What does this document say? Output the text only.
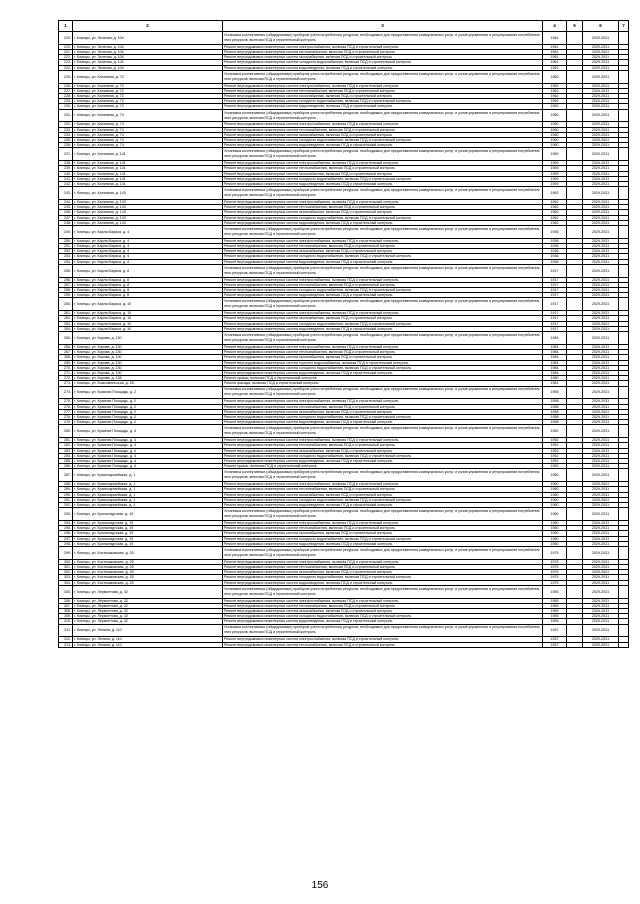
1	2	3	4	5	6	7
219.	г. Клинцы, ул. Зеленая, д. 104	Установка коллективных (общедомовых) приборов учета потребления ресурсов, необходимых для предоставления коммунальных услуг, и узлов управления и регулирования потребления этих ресурсов, включая ПСД и строительный контроль	1961		2029-2031	
220.	г. Клинцы, ул. Зеленая, д. 104	Ремонт внутридомовых инженерных систем электроснабжения, включая ПСД и строительный контроль	1961		2029-2031	
221.	г. Клинцы, ул. Зеленая, д. 104	Ремонт внутридомовых инженерных систем теплоснабжения, включая ПСД и строительный контроль	1961		2029-2031	
222.	г. Клинцы, ул. Зеленая, д. 104	Ремонт внутридомовых инженерных систем газоснабжения, включая ПСД и строительный контроль	1961		2029-2031	
223.	г. Клинцы, ул. Зеленая, д. 104	Ремонт внутридомовых инженерных систем холодного водоснабжения, включая ПСД и строительный контроль	1961		2029-2031	
224.	г. Клинцы, ул. Зеленая, д. 104	Ремонт внутридомовых инженерных систем водоотведения, включая ПСД и строительный контроль	1961		2029-2031	
225.	г. Клинцы, ул. Калинина, д. 72	Установка коллективных (общедомовых) приборов учета потребления ресурсов, необходимых для предоставления коммунальных услуг, и узлов управления и регулирования потребления этих ресурсов, включая ПСД и строительный контроль	1962		2029-2031	
226.	г. Клинцы, ул. Калинина, д. 72	Ремонт внутридомовых инженерных систем электроснабжения, включая ПСД и строительный контроль	1962		2029-2031	
227.	г. Клинцы, ул. Калинина, д. 72	Ремонт внутридомовых инженерных систем теплоснабжения, включая ПСД и строительный контроль	1962		2029-2031	
228.	г. Клинцы, ул. Калинина, д. 72	Ремонт внутридомовых инженерных систем газоснабжения, включая ПСД и строительный контроль	1962		2029-2031	
229.	г. Клинцы, ул. Калинина, д. 72	Ремонт внутридомовых инженерных систем холодного водоснабжения, включая ПСД и строительный контроль	1962		2029-2031	
230.	г. Клинцы, ул. Калинина, д. 72	Ремонт внутридомовых инженерных систем водоотведения, включая ПСД и строительный контроль	1962		2029-2031	
231.	г. Клинцы, ул. Калинина, д. 74	Установка коллективных (общедомовых) приборов учета потребления ресурсов, необходимых для предоставления коммунальных услуг, и узлов управления и регулирования потребления этих ресурсов, включая ПСД и строительный контроль	1960		2029-2031	
232.	г. Клинцы, ул. Калинина, д. 74	Ремонт внутридомовых инженерных систем электроснабжения, включая ПСД и строительный контроль	1960		2029-2031	
233.	г. Клинцы, ул. Калинина, д. 74	Ремонт внутридомовых инженерных систем теплоснабжения, включая ПСД и строительный контроль	1960		2029-2031	
234.	г. Клинцы, ул. Калинина, д. 74	Ремонт внутридомовых инженерных систем газоснабжения, включая ПСД и строительный контроль	1960		2029-2031	
235.	г. Клинцы, ул. Калинина, д. 74	Ремонт внутридомовых инженерных систем холодного водоснабжения, включая ПСД и строительный контроль	1960		2029-2031	
236.	г. Клинцы, ул. Калинина, д. 74	Ремонт внутридомовых инженерных систем водоотведения, включая ПСД и строительный контроль	1960		2029-2031	
237.	г. Клинцы, ул. Калинина, д. 141	Установка коллективных (общедомовых) приборов учета потребления ресурсов, необходимых для предоставления коммунальных услуг, и узлов управления и регулирования потребления этих ресурсов, включая ПСД и строительный контроль	1959		2029-2031	
238.	г. Клинцы, ул. Калинина, д. 141	Ремонт внутридомовых инженерных систем электроснабжения, включая ПСД и строительный контроль	1959		2029-2031	
239.	г. Клинцы, ул. Калинина, д. 141	Ремонт внутридомовых инженерных систем теплоснабжения, включая ПСД и строительный контроль	1959		2029-2031	
240.	г. Клинцы, ул. Калинина, д. 141	Ремонт внутридомовых инженерных систем газоснабжения, включая ПСД и строительный контроль	1959		2029-2031	
241.	г. Клинцы, ул. Калинина, д. 141	Ремонт внутридомовых инженерных систем холодного водоснабжения, включая ПСД и строительный контроль	1959		2029-2031	
242.	г. Клинцы, ул. Калинина, д. 141	Ремонт внутридомовых инженерных систем водоотведения, включая ПСД и строительный контроль	1959		2029-2031	
243.	г. Клинцы, ул. Калинина, д. 143	Установка коллективных (общедомовых) приборов учета потребления ресурсов, необходимых для предоставления коммунальных услуг, и узлов управления и регулирования потребления этих ресурсов, включая ПСД и строительный контроль	1962		2029-2031	
244.	г. Клинцы, ул. Калинина, д. 143	Ремонт внутридомовых инженерных систем электроснабжения, включая ПСД и строительный контроль	1962		2029-2031	
245.	г. Клинцы, ул. Калинина, д. 143	Ремонт внутридомовых инженерных систем теплоснабжения, включая ПСД и строительный контроль	1962		2029-2031	
246.	г. Клинцы, ул. Калинина, д. 143	Ремонт внутридомовых инженерных систем газоснабжения, включая ПСД и строительный контроль	1962		2029-2031	
247.	г. Клинцы, ул. Калинина, д. 143	Ремонт внутридомовых инженерных систем холодного водоснабжения, включая ПСД и строительный контроль	1962		2029-2031	
248.	г. Клинцы, ул. Калинина, д. 143	Ремонт внутридомовых инженерных систем водоотведения, включая ПСД и строительный контроль	1962		2029-2031	
249.	г. Клинцы, ул. Карла Маркса, д. 4	Установка коллективных (общедомовых) приборов учета потребления ресурсов, необходимых для предоставления коммунальных услуг, и узлов управления и регулирования потребления этих ресурсов, включая ПСД и строительный контроль	1936		2029-2031	
250.	г. Клинцы, ул. Карла Маркса, д. 4	Ремонт внутридомовых инженерных систем электроснабжения, включая ПСД и строительный контроль	1936		2029-2031	
251.	г. Клинцы, ул. Карла Маркса, д. 4	Ремонт внутридомовых инженерных систем теплоснабжения, включая ПСД и строительный контроль	1936		2029-2031	
252.	г. Клинцы, ул. Карла Маркса, д. 4	Ремонт внутридомовых инженерных систем газоснабжения, включая ПСД и строительный контроль	1936		2029-2031	
253.	г. Клинцы, ул. Карла Маркса, д. 4	Ремонт внутридомовых инженерных систем холодного водоснабжения, включая ПСД и строительный контроль	1936		2029-2031	
254.	г. Клинцы, ул. Карла Маркса, д. 4	Ремонт внутридомовых инженерных систем водоотведения, включая ПСД и строительный контроль	1936		2029-2031	
255.	г. Клинцы, ул. Карла Маркса, д. 8	Установка коллективных (общедомовых) приборов учета потребления ресурсов, необходимых для предоставления коммунальных услуг, и узлов управления и регулирования потребления этих ресурсов, включая ПСД и строительный контроль	1917		2029-2031	
256.	г. Клинцы, ул. Карла Маркса, д. 8	Ремонт внутридомовых инженерных систем электроснабжения, включая ПСД и строительный контроль	1917		2029-2031	
257.	г. Клинцы, ул. Карла Маркса, д. 8	Ремонт внутридомовых инженерных систем теплоснабжения, включая ПСД и строительный контроль	1917		2029-2031	
258.	г. Клинцы, ул. Карла Маркса, д. 8	Ремонт внутридомовых инженерных систем холодного водоснабжения, включая ПСД и строительный контроль	1917		2029-2031	
259.	г. Клинцы, ул. Карла Маркса, д. 8	Ремонт внутридомовых инженерных систем водоотведения, включая ПСД и строительный контроль	1917		2029-2031	
260.	г. Клинцы, ул. Карла Маркса, д. 10	Установка коллективных (общедомовых) приборов учета потребления ресурсов, необходимых для предоставления коммунальных услуг, и узлов управления и регулирования потребления этих ресурсов, включая ПСД и строительный контроль	1917		2029-2031	
261.	г. Клинцы, ул. Карла Маркса, д. 10	Ремонт внутридомовых инженерных систем электроснабжения, включая ПСД и строительный контроль	1917		2029-2031	
262.	г. Клинцы, ул. Карла Маркса, д. 10	Ремонт внутридомовых инженерных систем газоснабжения, включая ПСД и строительный контроль	1917		2029-2031	
263.	г. Клинцы, ул. Карла Маркса, д. 10	Ремонт внутридомовых инженерных систем холодного водоснабжения, включая ПСД и строительный контроль	1917		2029-2031	
264.	г. Клинцы, ул. Карла Маркса, д. 10	Ремонт внутридомовых инженерных систем водоотведения, включая ПСД и строительный контроль	1917		2029-2031	
265.	г. Клинцы, ул. Кирова, д. 130	Установка коллективных (общедомовых) приборов учета потребления ресурсов, необходимых для предоставления коммунальных услуг, и узлов управления и регулирования потребления этих ресурсов, включая ПСД и строительный контроль	1984		2029-2031	
266.	г. Клинцы, ул. Кирова, д. 130	Ремонт внутридомовых инженерных систем электроснабжения, включая ПСД и строительный контроль	1984		2029-2031	
267.	г. Клинцы, ул. Кирова, д. 130	Ремонт внутридомовых инженерных систем теплоснабжения, включая ПСД и строительный контроль	1984		2029-2031	
268.	г. Клинцы, ул. Кирова, д. 130	Ремонт внутридомовых инженерных систем газоснабжения, включая ПСД и строительный контроль	1984		2029-2031	
269.	г. Клинцы, ул. Кирова, д. 130	Ремонт внутридомовых инженерных систем горячего водоснабжения, включая ПСД и строительный контроль	1984		2029-2031	
270.	г. Клинцы, ул. Кирова, д. 130	Ремонт внутридомовых инженерных систем холодного водоснабжения, включая ПСД и строительный контроль	1984		2029-2031	
271.	г. Клинцы, ул. Кирова, д. 130	Ремонт внутридомовых инженерных систем водоотведения, включая ПСД и строительный контроль	1984		2029-2031	
272.	г. Клинцы, ул. Кирова, д. 138	Ремонт крыши, включая ПСД и строительный контроль	1980		2029-2031	
273.	г. Клинцы, ул. Комсомольская, д. 26	Ремонт фасада, включая ПСД и строительный контроль	1981		2029-2031	
274.	г. Клинцы, ул. Красная Площадь, д. 2	Установка коллективных (общедомовых) приборов учета потребления ресурсов, необходимых для предоставления коммунальных услуг, и узлов управления и регулирования потребления этих ресурсов, включая ПСД и строительный контроль	1958		2029-2031	
275.	г. Клинцы, ул. Красная Площадь, д. 2	Ремонт внутридомовых инженерных систем электроснабжения, включая ПСД и строительный контроль	1958		2029-2031	
276.	г. Клинцы, ул. Красная Площадь, д. 2	Ремонт внутридомовых инженерных систем теплоснабжения, включая ПСД и строительный контроль	1958		2029-2031	
277.	г. Клинцы, ул. Красная Площадь, д. 2	Ремонт внутридомовых инженерных систем газоснабжения, включая ПСД и строительный контроль	1958		2029-2031	
278.	г. Клинцы, ул. Красная Площадь, д. 2	Ремонт внутридомовых инженерных систем холодного водоснабжения, включая ПСД и строительный контроль	1958		2029-2031	
279.	г. Клинцы, ул. Красная Площадь, д. 2	Ремонт внутридомовых инженерных систем водоотведения, включая ПСД и строительный контроль	1958		2029-2031	
280.	г. Клинцы, ул. Красная Площадь, д. 4	Установка коллективных (общедомовых) приборов учета потребления ресурсов, необходимых для предоставления коммунальных услуг, и узлов управления и регулирования потребления этих ресурсов, включая ПСД и строительный контроль	1952		2029-2031	
281.	г. Клинцы, ул. Красная Площадь, д. 4	Ремонт внутридомовых инженерных систем электроснабжения, включая ПСД и строительный контроль	1952		2029-2031	
282.	г. Клинцы, ул. Красная Площадь, д. 4	Ремонт внутридомовых инженерных систем теплоснабжения, включая ПСД и строительный контроль	1952		2029-2031	
283.	г. Клинцы, ул. Красная Площадь, д. 4	Ремонт внутридомовых инженерных систем газоснабжения, включая ПСД и строительный контроль	1952		2029-2031	
284.	г. Клинцы, ул. Красная Площадь, д. 4	Ремонт внутридомовых инженерных систем холодного водоснабжения, включая ПСД и строительный контроль	1952		2029-2031	
285.	г. Клинцы, ул. Красная Площадь, д. 4	Ремонт внутридомовых инженерных систем водоотведения, включая ПСД и строительный контроль	1952		2029-2031	
286.	г. Клинцы, ул. Красная Площадь, д. 4	Ремонт крыши, включая ПСД и строительный контроль	1952		2029-2031	
287.	г. Клинцы, ул. Красноармейская, д. 1	Установка коллективных (общедомовых) приборов учета потребления ресурсов, необходимых для предоставления коммунальных услуг, и узлов управления и регулирования потребления этих ресурсов, включая ПСД и строительный контроль	1960		2029-2031	
288.	г. Клинцы, ул. Красноармейская, д. 1	Ремонт внутридомовых инженерных систем электроснабжения, включая ПСД и строительный контроль	1960		2029-2031	
289.	г. Клинцы, ул. Красноармейская, д. 1	Ремонт внутридомовых инженерных систем теплоснабжения, включая ПСД и строительный контроль	1960		2029-2031	
290.	г. Клинцы, ул. Красноармейская, д. 1	Ремонт внутридомовых инженерных систем газоснабжения, включая ПСД и строительный контроль	1960		2029-2031	
291.	г. Клинцы, ул. Красноармейская, д. 1	Ремонт внутридомовых инженерных систем холодного водоснабжения, включая ПСД и строительный контроль	1960		2029-2031	
292.	г. Клинцы, ул. Красноармейская, д. 1	Ремонт внутридомовых инженерных систем водоотведения, включая ПСД и строительный контроль	1960		2029-2031	
293.	г. Клинцы, ул. Кронштадтская, д. 19	Установка коллективных (общедомовых) приборов учета потребления ресурсов, необходимых для предоставления коммунальных услуг, и узлов управления и регулирования потребления этих ресурсов, включая ПСД и строительный контроль	1960		2029-2031	
294.	г. Клинцы, ул. Кронштадтская, д. 19	Ремонт внутридомовых инженерных систем электроснабжения, включая ПСД и строительный контроль	1960		2029-2031	
295.	г. Клинцы, ул. Кронштадтская, д. 19	Ремонт внутридомовых инженерных систем теплоснабжения, включая ПСД и строительный контроль	1960		2029-2031	
296.	г. Клинцы, ул. Кронштадтская, д. 19	Ремонт внутридомовых инженерных систем газоснабжения, включая ПСД и строительный контроль	1960		2029-2031	
297.	г. Клинцы, ул. Кронштадтская, д. 19	Ремонт внутридомовых инженерных систем холодного водоснабжения, включая ПСД и строительный контроль	1960		2029-2031	
298.	г. Клинцы, ул. Кронштадтская, д. 19	Ремонт внутридомовых инженерных систем водоотведения, включая ПСД и строительный контроль	1960		2029-2031	
299.	г. Клинцы, ул. Костюшковская, д. 25	Установка коллективных (общедомовых) приборов учета потребления ресурсов, необходимых для предоставления коммунальных услуг, и узлов управления и регулирования потребления этих ресурсов, включая ПСД и строительный контроль	1975		2029-2031	
300.	г. Клинцы, ул. Костюшковская, д. 25	Ремонт внутридомовых инженерных систем электроснабжения, включая ПСД и строительный контроль	1975		2029-2031	
301.	г. Клинцы, ул. Костюшковская, д. 25	Ремонт внутридомовых инженерных систем теплоснабжения, включая ПСД и строительный контроль	1975		2029-2031	
302.	г. Клинцы, ул. Костюшковская, д. 25	Ремонт внутридомовых инженерных систем газоснабжения, включая ПСД и строительный контроль	1975		2029-2031	
303.	г. Клинцы, ул. Костюшковская, д. 25	Ремонт внутридомовых инженерных систем холодного водоснабжения, включая ПСД и строительный контроль	1975		2029-2031	
304.	г. Клинцы, ул. Костюшковская, д. 25	Ремонт внутридомовых инженерных систем водоотведения, включая ПСД и строительный контроль	1975		2029-2031	
305.	г. Клинцы, ул. Лермонтова, д. 32	Установка коллективных (общедомовых) приборов учета потребления ресурсов, необходимых для предоставления коммунальных услуг, и узлов управления и регулирования потребления этих ресурсов, включая ПСД и строительный контроль	1955		2029-2031	
306.	г. Клинцы, ул. Лермонтова, д. 32	Ремонт внутридомовых инженерных систем электроснабжения, включая ПСД и строительный контроль	1955		2029-2031	
307.	г. Клинцы, ул. Лермонтова, д. 32	Ремонт внутридомовых инженерных систем теплоснабжения, включая ПСД и строительный контроль	1955		2029-2031	
308.	г. Клинцы, ул. Лермонтова, д. 32	Ремонт внутридомовых инженерных систем газоснабжения, включая ПСД и строительный контроль	1955		2029-2031	
309.	г. Клинцы, ул. Лермонтова, д. 32	Ремонт внутридомовых инженерных систем холодного водоснабжения, включая ПСД и строительный контроль	1955		2029-2031	
310.	г. Клинцы, ул. Лермонтова, д. 32	Ремонт внутридомовых инженерных систем водоотведения, включая ПСД и строительный контроль	1955		2029-2031	
311.	г. Клинцы, ул. Ленина, д. 110	Установка коллективных (общедомовых) приборов учета потребления ресурсов, необходимых для предоставления коммунальных услуг, и узлов управления и регулирования потребления этих ресурсов, включая ПСД и строительный контроль	1937		2029-2031	
312.	г. Клинцы, ул. Ленина, д. 110	Ремонт внутридомовых инженерных систем электроснабжения, включая ПСД и строительный контроль	1937		2029-2031	
313.	г. Клинцы, ул. Ленина, д. 110	Ремонт внутридомовых инженерных систем теплоснабжения, включая ПСД и строительный контроль	1937		2029-2031	
156
